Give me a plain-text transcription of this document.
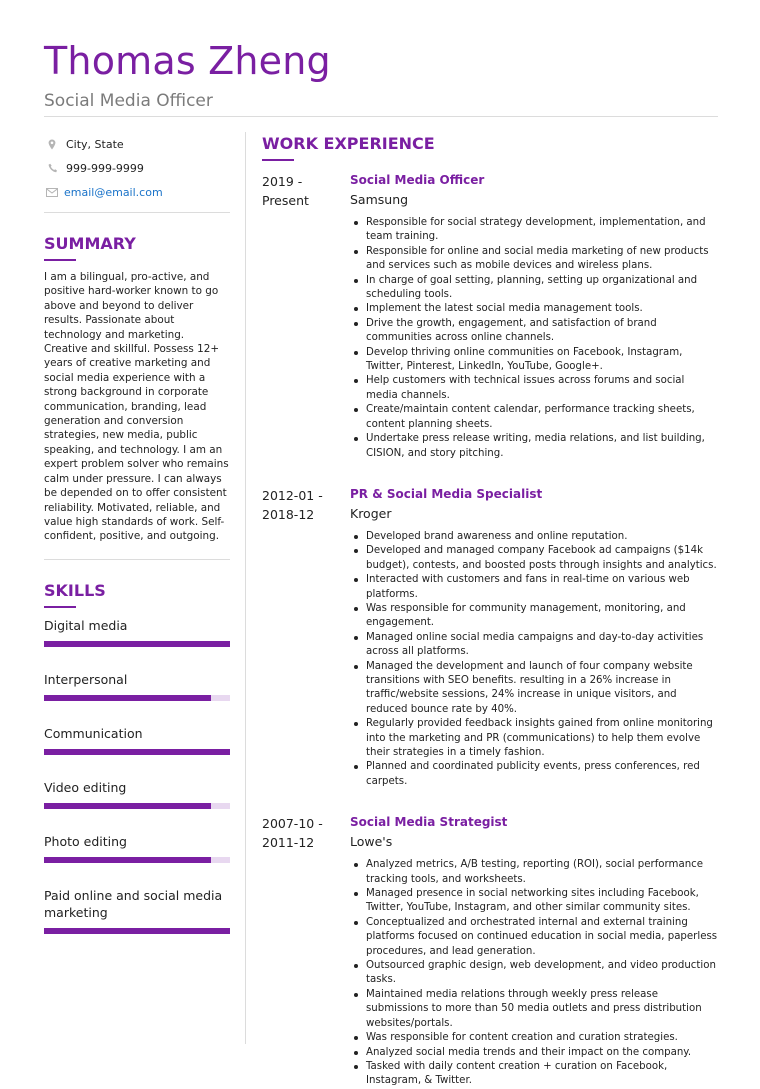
Thomas Zheng
Social Media Officer
City, State
999-999-9999
email@email.com
SUMMARY
I am a bilingual, pro-active, and positive hard-worker known to go above and beyond to deliver results. Passionate about technology and marketing. Creative and skillful. Possess 12+ years of creative marketing and social media experience with a strong background in corporate communication, branding, lead generation and conversion strategies, new media, public speaking, and technology. I am an expert problem solver who remains calm under pressure. I can always be depended on to offer consistent reliability. Motivated, reliable, and value high standards of work. Self-confident, positive, and outgoing.
SKILLS
Digital media
Interpersonal
Communication
Video editing
Photo editing
Paid online and social media marketing
WORK EXPERIENCE
2019 -
Present
Social Media Officer
Samsung
Responsible for social strategy development, implementation, and team training.
Responsible for online and social media marketing of new products and services such as mobile devices and wireless plans.
In charge of goal setting, planning, setting up organizational and scheduling tools.
Implement the latest social media management tools.
Drive the growth, engagement, and satisfaction of brand communities across online channels.
Develop thriving online communities on Facebook, Instagram, Twitter, Pinterest, LinkedIn, YouTube, Google+.
Help customers with technical issues across forums and social media channels.
Create/maintain content calendar, performance tracking sheets, content planning sheets.
Undertake press release writing, media relations, and list building, CISION, and story pitching.
2012-01 -
2018-12
PR & Social Media Specialist
Kroger
Developed brand awareness and online reputation.
Developed and managed company Facebook ad campaigns ($14k budget), contests, and boosted posts through insights and analytics.
Interacted with customers and fans in real-time on various web platforms.
Was responsible for community management, monitoring, and engagement.
Managed online social media campaigns and day-to-day activities across all platforms.
Managed the development and launch of four company website transitions with SEO benefits. resulting in a 26% increase in traffic/website sessions, 24% increase in unique visitors, and reduced bounce rate by 40%.
Regularly provided feedback insights gained from online monitoring into the marketing and PR (communications) to help them evolve their strategies in a timely fashion.
Planned and coordinated publicity events, press conferences, red carpets.
2007-10 -
2011-12
Social Media Strategist
Lowe's
Analyzed metrics, A/B testing, reporting (ROI), social performance tracking tools, and worksheets.
Managed presence in social networking sites including Facebook, Twitter, YouTube, Instagram, and other similar community sites.
Conceptualized and orchestrated internal and external training platforms focused on continued education in social media, paperless procedures, and lead generation.
Outsourced graphic design, web development, and video production tasks.
Maintained media relations through weekly press release submissions to more than 50 media outlets and press distribution websites/portals.
Was responsible for content creation and curation strategies.
Analyzed social media trends and their impact on the company.
Tasked with daily content creation + curation on Facebook, Instagram, & Twitter.
